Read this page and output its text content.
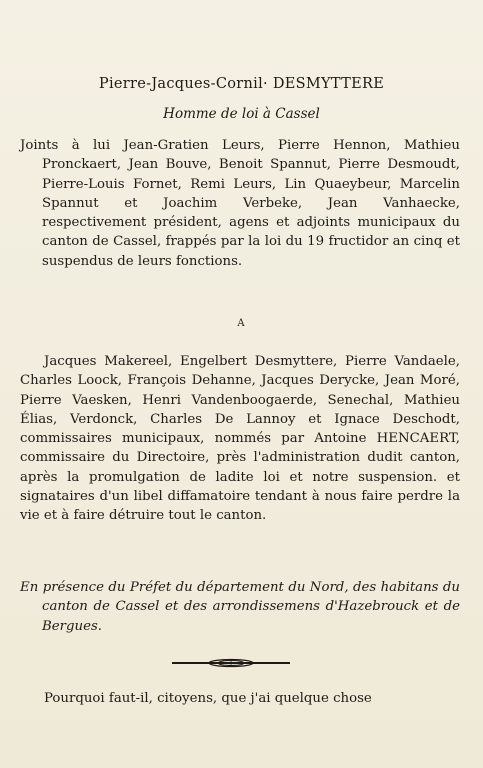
Pierre-Jacques-Cornil· DESMYTTERE
Homme de loi à Cassel

Joints à lui Jean-Gratien Leurs, Pierre Hennon, Mathieu Pronckaert, Jean Bouve, Benoit Spannut, Pierre Desmoudt, Pierre-Louis Fornet, Remi Leurs, Lin Quaeybeur, Marcelin Spannut et Joachim Verbeke, Jean Vanhaecke, respectivement président, agens et adjoints municipaux du canton de Cassel, frappés par la loi du 19 fructidor an cinq et suspendus de leurs fonctions.

A

Jacques Makereel, Engelbert Desmyttere, Pierre Vandaele, Charles Loock, François Dehanne, Jacques Derycke, Jean Moré, Pierre Vaesken, Henri Vandenboogaerde, Senechal, Mathieu Élias, Verdonck, Charles De Lannoy et Ignace Deschodt, commissaires municipaux, nommés par Antoine HENCAERT, commissaire du Directoire, près l'administration dudit canton, après la promulgation de ladite loi et notre suspension. et signataires d'un libel diffamatoire tendant à nous faire perdre la vie et à faire détruire tout le canton.

En présence du Préfet du département du Nord, des habitans du canton de Cassel et des arrondissemens d'Hazebrouck et de Bergues.

Pourquoi faut-il, citoyens, que j'ai quelque chose
